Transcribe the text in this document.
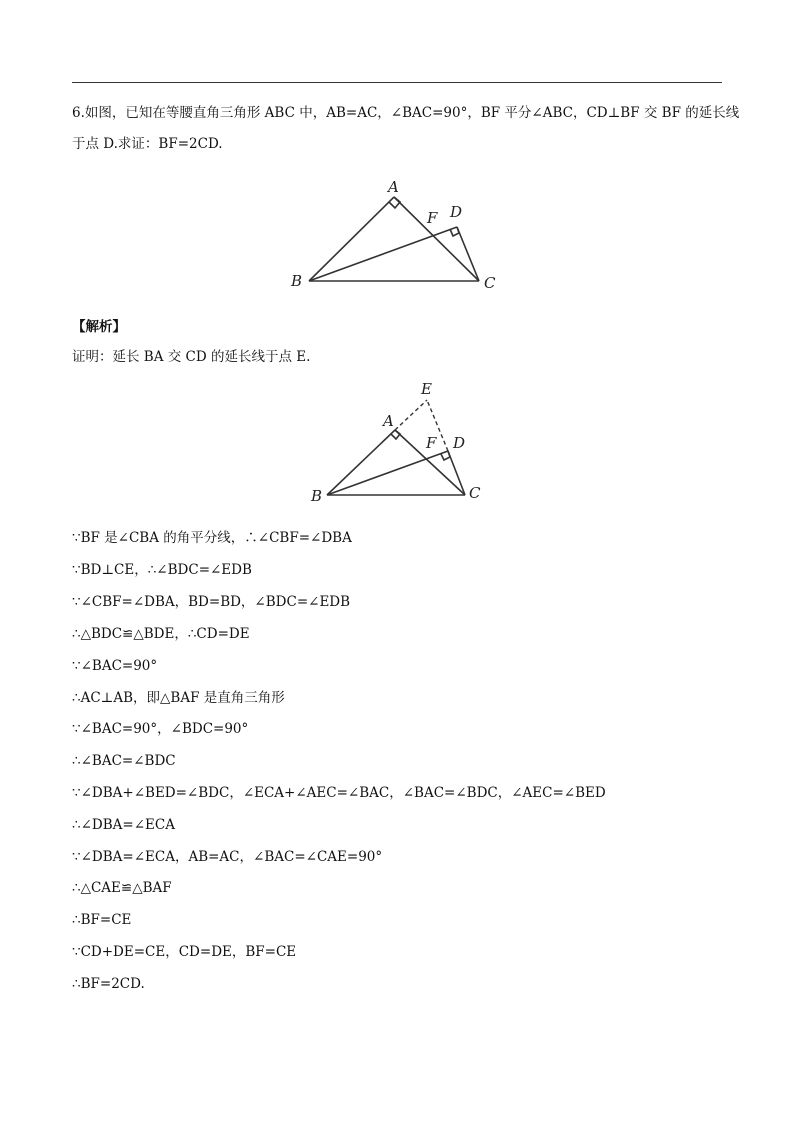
6.如图，已知在等腰直角三角形 ABC 中，AB=AC，∠BAC=90°，BF 平分∠ABC，CD⊥BF 交 BF 的延长线
于点 D.求证：BF=2CD.
A
F D
B	C
【解析】
证明：延长 BA 交 CD 的延长线于点 E.
E
A
F D
B	C
∵BF 是∠CBA 的角平分线，∴∠CBF=∠DBA
∵BD⊥CE，∴∠BDC=∠EDB
∵∠CBF=∠DBA，BD=BD，∠BDC=∠EDB
∴△BDC≌△BDE，∴CD=DE
∵∠BAC=90°
∴AC⊥AB，即△BAF 是直角三角形
∵∠BAC=90°，∠BDC=90°
∴∠BAC=∠BDC
∵∠DBA+∠BED=∠BDC，∠ECA+∠AEC=∠BAC，∠BAC=∠BDC，∠AEC=∠BED
∴∠DBA=∠ECA
∵∠DBA=∠ECA，AB=AC，∠BAC=∠CAE=90°
∴△CAE≌△BAF
∴BF=CE
∵CD+DE=CE，CD=DE，BF=CE
∴BF=2CD.
